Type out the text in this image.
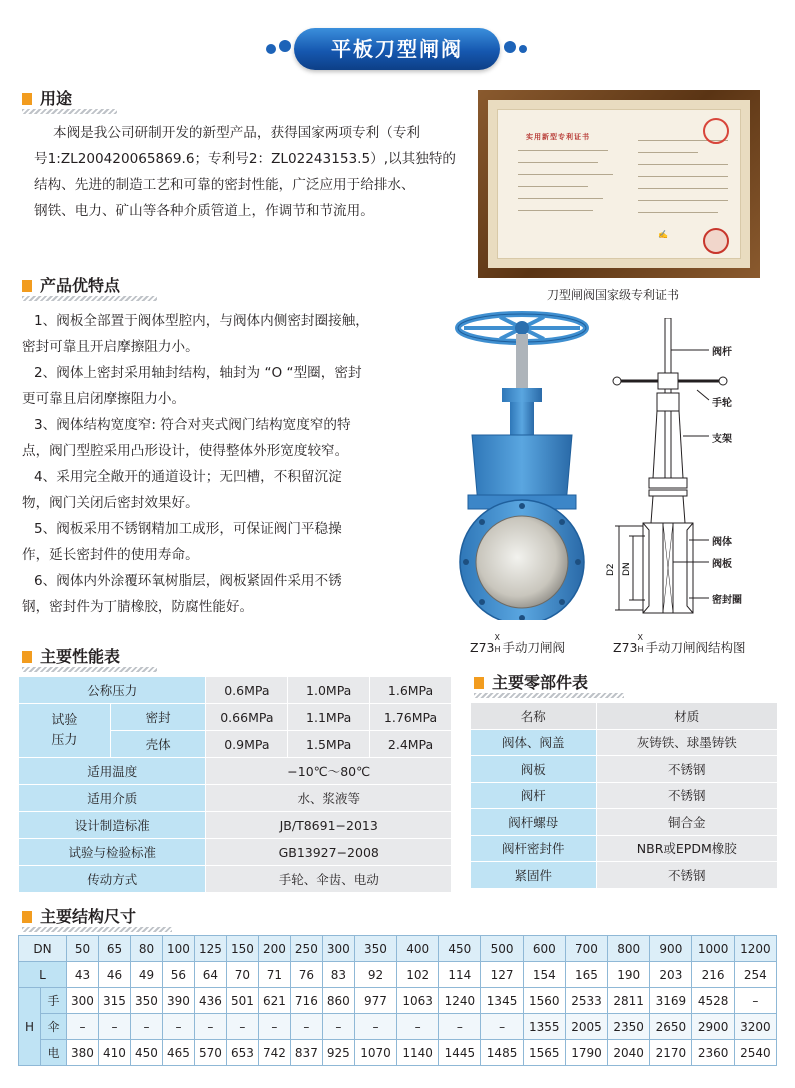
平板刀型闸阀
用途
本阀是我公司研制开发的新型产品，获得国家两项专利（专利
号1:ZL200420065869.6；专利号2：ZL02243153.5）,以其独特的
结构、先进的制造工艺和可靠的密封性能，广泛应用于给排水、
钢铁、电力、矿山等各种介质管道上，作调节和节流用。
实用新型专利证书
✍
刀型闸阀国家级专利证书
产品优特点
1、阀板全部置于阀体型腔内，与阀体内侧密封圈接触，
密封可靠且开启摩擦阻力小。
2、阀体上密封采用轴封结构，轴封为 “O “型圈，密封
更可靠且启闭摩擦阻力小。
3、阀体结构宽度窄: 符合对夹式阀门结构宽度窄的特
点，阀门型腔采用凸形设计，使得整体外形宽度较窄。
4、采用完全敞开的通道设计；无凹槽，不积留沉淀
物，阀门关闭后密封效果好。
5、阀板采用不锈钢精加工成形，可保证阀门平稳操
作，延长密封件的使用寿命。
6、阀体内外涂覆环氧树脂层，阀板紧固件采用不锈
钢，密封件为丁腈橡胶，防腐性能好。
Z73
X
H 手动刀闸阀
D2 DN
阀杆
手轮
支架
阀体
阀板
密封圈
Z73
X
H 手动刀闸阀结构图
主要性能表
公称压力		0.6MPa	1.0MPa	1.6MPa

试验
压力	密封	0.66MPa	1.1MPa	1.76MPa
	壳体	0.9MPa	1.5MPa	2.4MPa
适用温度		−10℃～80℃		
适用介质		水、浆液等		
设计制造标准		JB/T8691−2013		
试验与检验标准		GB13927−2008		
传动方式		手轮、伞齿、电动		
主要零部件表
名称	材质
阀体、阀盖	灰铸铁、球墨铸铁
阀板	不锈钢
阀杆	不锈钢
阀杆螺母	铜合金
阀杆密封件	NBR或EPDM橡胶
紧固件	不锈钢
主要结构尺寸
DN		50	65	80	100	125	150	200	250	300	350	400	450	500	600	700	800	900	1000	1200
L		43	46	49	56	64	70	71	76	83	92	102	114	127	154	165	190	203	216	254
H	手	300	315	350	390	436	501	621	716	860	977	1063	1240	1345	1560	2533	2811	3169	4528	–
	伞	–	–	–	–	–	–	–	–	–	–	–	–	–	1355	2005	2350	2650	2900	3200
	电	380	410	450	465	570	653	742	837	925	1070	1140	1445	1485	1565	1790	2040	2170	2360	2540
